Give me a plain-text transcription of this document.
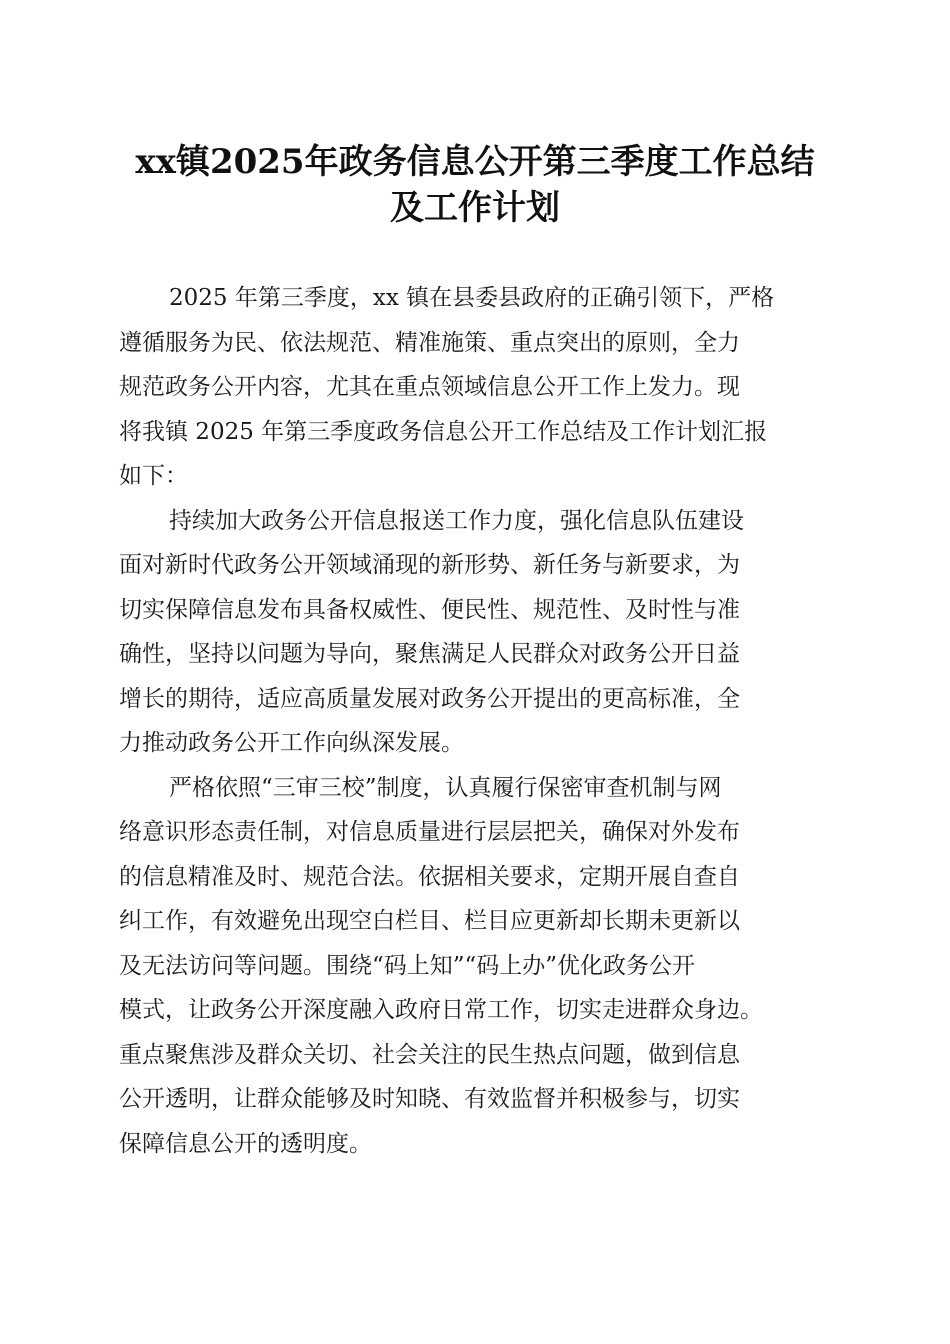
xx镇2025年政务信息公开第三季度工作总结
及工作计划
2025 年第三季度，xx 镇在县委县政府的正确引领下，严格
遵循服务为民、依法规范、精准施策、重点突出的原则，全力
规范政务公开内容，尤其在重点领域信息公开工作上发力。现
将我镇 2025 年第三季度政务信息公开工作总结及工作计划汇报
如下：
持续加大政务公开信息报送工作力度，强化信息队伍建设
面对新时代政务公开领域涌现的新形势、新任务与新要求，为
切实保障信息发布具备权威性、便民性、规范性、及时性与准
确性，坚持以问题为导向，聚焦满足人民群众对政务公开日益
增长的期待，适应高质量发展对政务公开提出的更高标准，全
力推动政务公开工作向纵深发展。
严格依照“三审三校”制度，认真履行保密审查机制与网
络意识形态责任制，对信息质量进行层层把关，确保对外发布
的信息精准及时、规范合法。依据相关要求，定期开展自查自
纠工作，有效避免出现空白栏目、栏目应更新却长期未更新以
及无法访问等问题。围绕“码上知”“码上办”优化政务公开
模式，让政务公开深度融入政府日常工作，切实走进群众身边。
重点聚焦涉及群众关切、社会关注的民生热点问题，做到信息
公开透明，让群众能够及时知晓、有效监督并积极参与，切实
保障信息公开的透明度。
